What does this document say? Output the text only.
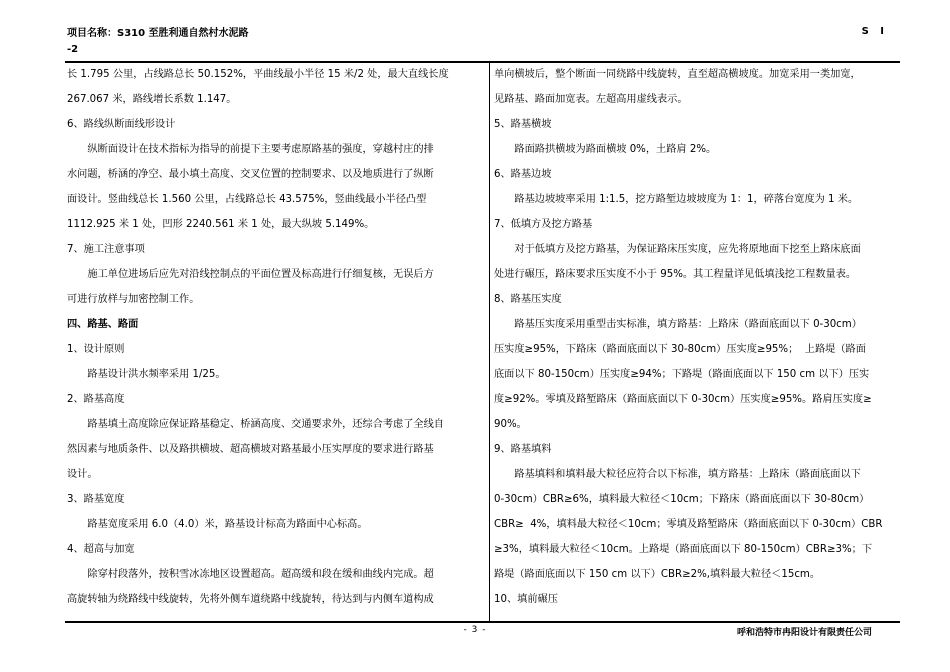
项目名称：S310 至胜利通自然村水泥路
-2
S I

长 1.795 公里，占线路总长 50.152%，平曲线最小半径 15 米/2 处，最大直线长度

267.067 米，路线增长系数 1.147。

6、路线纵断面线形设计

纵断面设计在技术指标为指导的前提下主要考虑原路基的强度，穿越村庄的排

水问题，桥涵的净空、最小填土高度、交叉位置的控制要求、以及地质进行了纵断

面设计。竖曲线总长 1.560 公里，占线路总长 43.575%，竖曲线最小半径凸型

1112.925 米 1 处，凹形 2240.561 米 1 处，最大纵坡 5.149%。

7、施工注意事项

施工单位进场后应先对沿线控制点的平面位置及标高进行仔细复核，无误后方

可进行放样与加密控制工作。

四、路基、路面

1、设计原则

路基设计洪水频率采用 1/25。

2、路基高度

路基填土高度除应保证路基稳定、桥涵高度、交通要求外，还综合考虑了全线自

然因素与地质条件、以及路拱横坡、超高横坡对路基最小压实厚度的要求进行路基

设计。

3、路基宽度

路基宽度采用 6.0（4.0）米，路基设计标高为路面中心标高。

4、超高与加宽

除穿村段落外，按积雪冰冻地区设置超高。超高缓和段在缓和曲线内完成。超

高旋转轴为绕路线中线旋转，先将外侧车道绕路中线旋转，待达到与内侧车道构成

单向横坡后，整个断面一同绕路中线旋转，直至超高横坡度。加宽采用一类加宽，

见路基、路面加宽表。左超高用虚线表示。

5、路基横坡

路面路拱横坡为路面横坡 0%，土路肩 2%。

6、路基边坡

路基边坡坡率采用 1:1.5，挖方路堑边坡坡度为 1：1，碎落台宽度为 1 米。

7、低填方及挖方路基

对于低填方及挖方路基，为保证路床压实度，应先将原地面下挖至上路床底面

处进行碾压，路床要求压实度不小于 95%。其工程量详见低填浅挖工程数量表。

8、路基压实度

路基压实度采用重型击实标准，填方路基：上路床（路面底面以下 0-30cm）

压实度≥95%，下路床（路面底面以下 30-80cm）压实度≥95%；  上路堤（路面

底面以下 80-150cm）压实度≥94%；下路堤（路面底面以下 150 cm 以下）压实

度≥92%。零填及路堑路床（路面底面以下 0-30cm）压实度≥95%。路肩压实度≥

90%。

9、路基填料

路基填料和填料最大粒径应符合以下标准，填方路基：上路床（路面底面以下

0-30cm）CBR≥6%，填料最大粒径＜10cm；下路床（路面底面以下 30-80cm）

CBR≥  4%，填料最大粒径＜10cm；零填及路堑路床（路面底面以下 0-30cm）CBR

≥3%，填料最大粒径＜10cm。上路堤（路面底面以下 80-150cm）CBR≥3%；下

路堤（路面底面以下 150 cm 以下）CBR≥2%,填料最大粒径＜15cm。

10、填前碾压

- 3 -	呼和浩特市冉阳设计有限责任公司
